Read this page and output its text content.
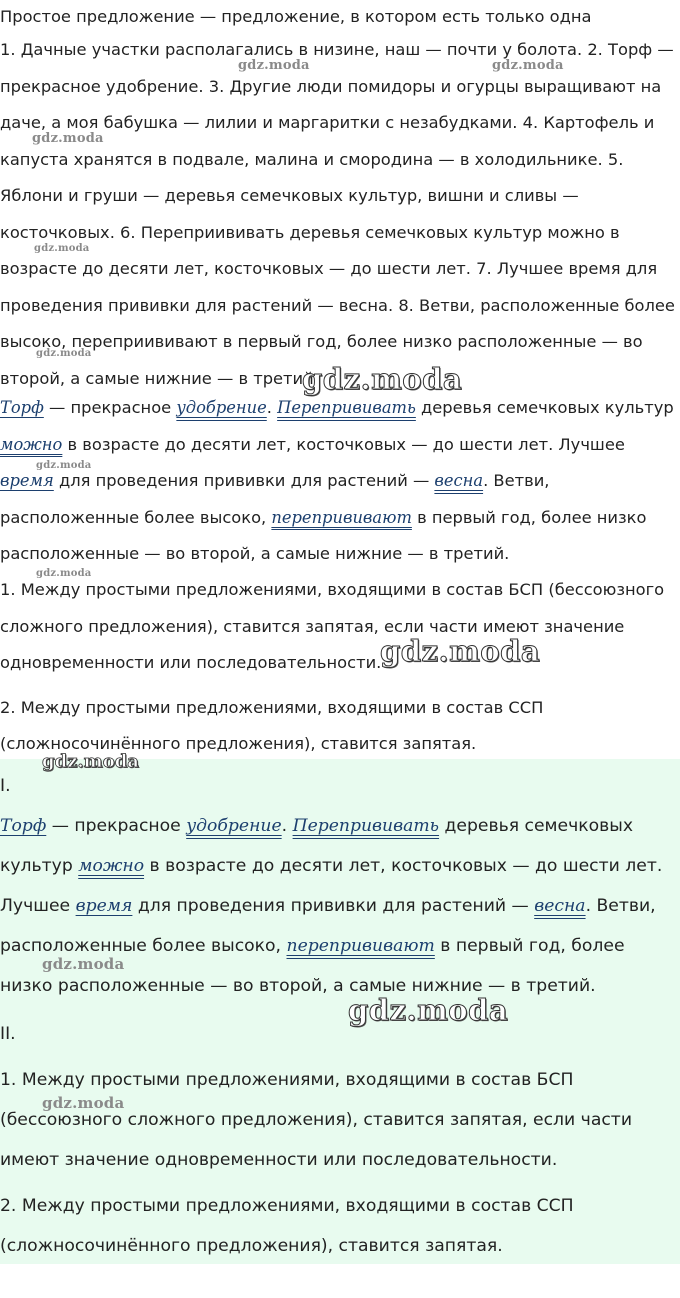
Простое предложение — предложение, в котором есть только одна

1. Дачные участки располагались в низине, наш — почти у болота. 2. Торф — прекрасное удобрение. 3. Другие люди помидоры и огурцы выращивают на даче, а моя бабушка — лилии и маргаритки с незабудками. 4. Картофель и капуста хранятся в подвале, малина и смородина — в холодильнике. 5. Яблони и груши — деревья семечковых культур, вишни и сливы — косточковых. 6. Переприививать деревья семечковых культур можно в возрасте до десяти лет, косточковых — до шести лет. 7. Лучшее время для проведения прививки для растений — весна. 8. Ветви, расположенные более высоко, переприививают в первый год, более низко расположенные — во второй, а самые нижние — в третий.

Торф — прекрасное удобрение. Перепрививать деревья семечковых культур можно в возрасте до десяти лет, косточковых — до шести лет. Лучшее время для проведения прививки для растений — весна. Ветви, расположенные более высоко, перепрививают в первый год, более низко расположенные — во второй, а самые нижние — в третий.

1. Между простыми предложениями, входящими в состав БСП (бессоюзного сложного предложения), ставится запятая, если части имеют значение одновременности или последовательности.

2. Между простыми предложениями, входящими в состав ССП (сложносочинённого предложения), ставится запятая.

I.

Торф — прекрасное удобрение. Перепрививать деревья семечковых культур можно в возрасте до десяти лет, косточковых — до шести лет. Лучшее время для проведения прививки для растений — весна. Ветви, расположенные более высоко, перепрививают в первый год, более низко расположенные — во второй, а самые нижние — в третий.

II.

1. Между простыми предложениями, входящими в состав БСП (бессоюзного сложного предложения), ставится запятая, если части имеют значение одновременности или последовательности.

2. Между простыми предложениями, входящими в состав ССП (сложносочинённого предложения), ставится запятая.

gdz.moda	gdz.moda
gdz.moda
gdz.moda
gdz.moda
gdz.moda
gdz.moda
gdz.moda
gdz.moda
gdz.moda
gdz.moda
gdz.moda
gdz.moda
